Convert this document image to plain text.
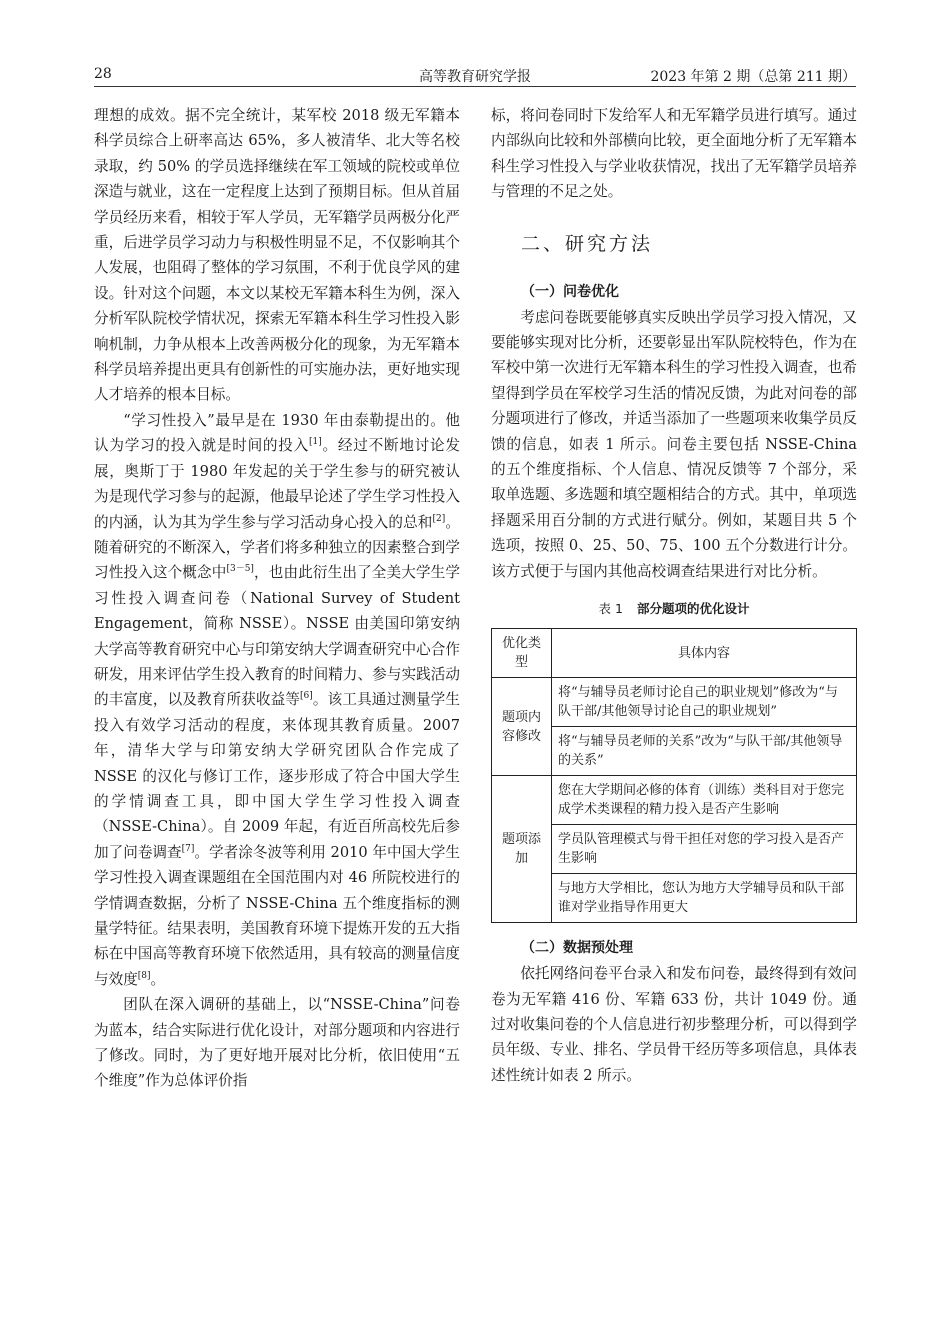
28	高等教育研究学报	2023 年第 2 期（总第 211 期）

理想的成效。据不完全统计，某军校 2018 级无军籍本科学员综合上研率高达 65%，多人被清华、北大等名校录取，约 50% 的学员选择继续在军工领域的院校或单位深造与就业，这在一定程度上达到了预期目标。但从首届学员经历来看，相较于军人学员，无军籍学员两极分化严重，后进学员学习动力与积极性明显不足，不仅影响其个人发展，也阻碍了整体的学习氛围，不利于优良学风的建设。针对这个问题，本文以某校无军籍本科生为例，深入分析军队院校学情状况，探索无军籍本科生学习性投入影响机制，力争从根本上改善两极分化的现象，为无军籍本科学员培养提出更具有创新性的可实施办法，更好地实现人才培养的根本目标。

“学习性投入”最早是在 1930 年由泰勒提出的。他认为学习的投入就是时间的投入[1]。经过不断地讨论发展，奥斯丁于 1980 年发起的关于学生参与的研究被认为是现代学习参与的起源，他最早论述了学生学习性投入的内涵，认为其为学生参与学习活动身心投入的总和[2]。随着研究的不断深入，学者们将多种独立的因素整合到学习性投入这个概念中[3－5]，也由此衍生出了全美大学生学习性投入调查问卷（National Survey of Student Engagement，简称 NSSE）。NSSE 由美国印第安纳大学高等教育研究中心与印第安纳大学调查研究中心合作研发，用来评估学生投入教育的时间精力、参与实践活动的丰富度，以及教育所获收益等[6]。该工具通过测量学生投入有效学习活动的程度，来体现其教育质量。2007 年，清华大学与印第安纳大学研究团队合作完成了 NSSE 的汉化与修订工作，逐步形成了符合中国大学生的学情调查工具，即中国大学生学习性投入调查（NSSE-China）。自 2009 年起，有近百所高校先后参加了问卷调查[7]。学者涂冬波等利用 2010 年中国大学生学习性投入调查课题组在全国范围内对 46 所院校进行的学情调查数据，分析了 NSSE-China 五个维度指标的测量学特征。结果表明，美国教育环境下提炼开发的五大指标在中国高等教育环境下依然适用，具有较高的测量信度与效度[8]。

团队在深入调研的基础上，以“NSSE-China”问卷为蓝本，结合实际进行优化设计，对部分题项和内容进行了修改。同时，为了更好地开展对比分析，依旧使用“五个维度”作为总体评价指

标，将问卷同时下发给军人和无军籍学员进行填写。通过内部纵向比较和外部横向比较，更全面地分析了无军籍本科生学习性投入与学业收获情况，找出了无军籍学员培养与管理的不足之处。

二、研究方法
（一）问卷优化

考虑问卷既要能够真实反映出学员学习投入情况，又要能够实现对比分析，还要彰显出军队院校特色，作为在军校中第一次进行无军籍本科生的学习性投入调查，也希望得到学员在军校学习生活的情况反馈，为此对问卷的部分题项进行了修改，并适当添加了一些题项来收集学员反馈的信息，如表 1 所示。问卷主要包括 NSSE-China 的五个维度指标、个人信息、情况反馈等 7 个部分，采取单选题、多选题和填空题相结合的方式。其中，单项选择题采用百分制的方式进行赋分。例如，某题目共 5 个选项，按照 0、25、50、75、100 五个分数进行计分。该方式便于与国内其他高校调查结果进行对比分析。

表 1 部分题项的优化设计
优化类型	具体内容
题项内容修改	将“与辅导员老师讨论自己的职业规划”修改为“与队干部/其他领导讨论自己的职业规划”
	将“与辅导员老师的关系”改为“与队干部/其他领导的关系”
题项添加	您在大学期间必修的体育（训练）类科目对于您完成学术类课程的精力投入是否产生影响
	学员队管理模式与骨干担任对您的学习投入是否产生影响
	与地方大学相比，您认为地方大学辅导员和队干部谁对学业指导作用更大
（二）数据预处理

依托网络问卷平台录入和发布问卷，最终得到有效问卷为无军籍 416 份、军籍 633 份，共计 1049 份。通过对收集问卷的个人信息进行初步整理分析，可以得到学员年级、专业、排名、学员骨干经历等多项信息，具体表述性统计如表 2 所示。
